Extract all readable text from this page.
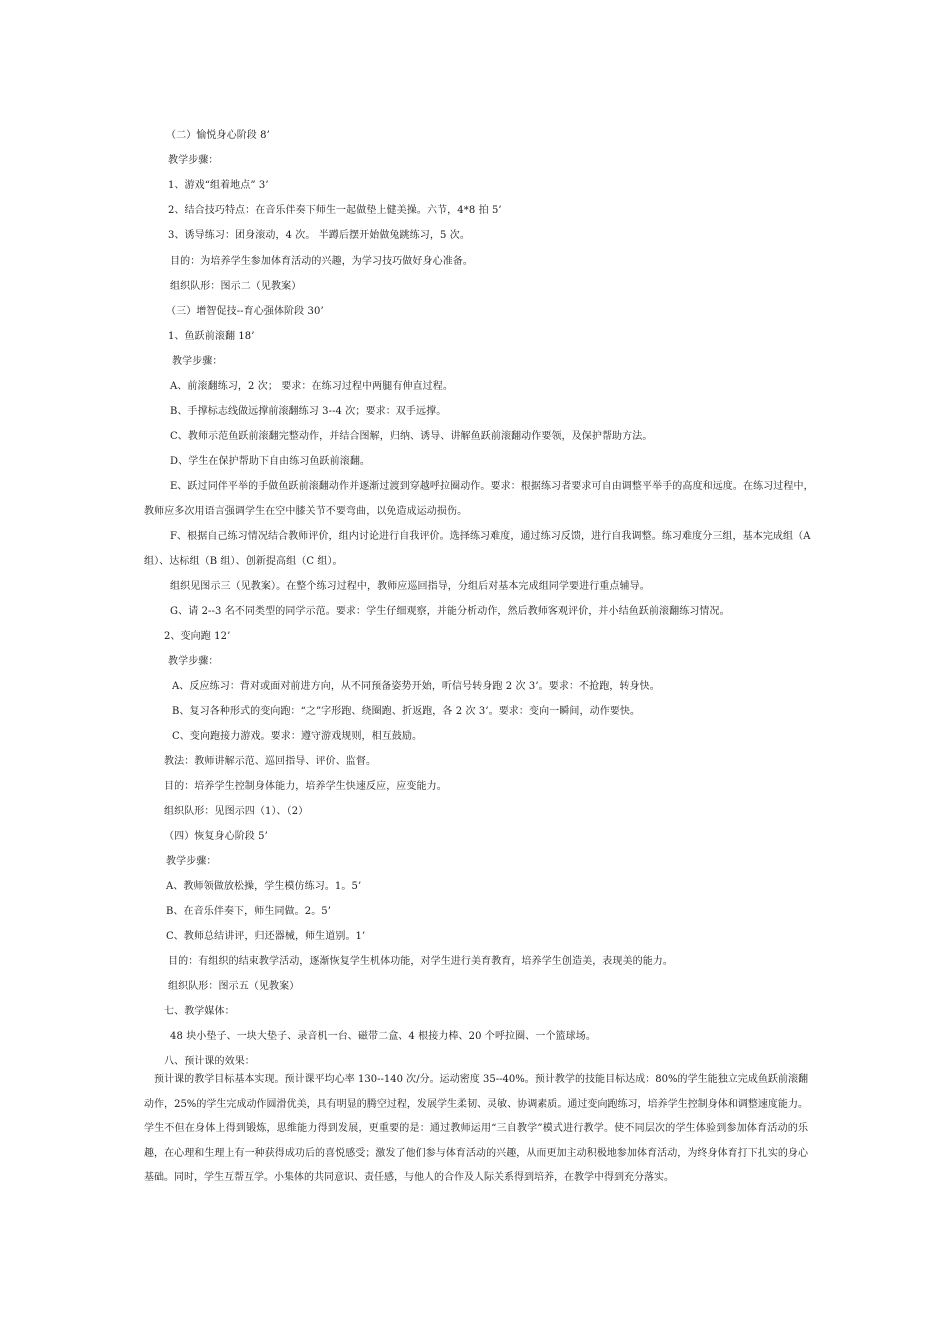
（二）愉悦身心阶段 8’
教学步骤：
1、游戏“组着地点” 3’
2、结合技巧特点：在音乐伴奏下师生一起做垫上健美操。六节，4*8 拍 5’
3、诱导练习：团身滚动，4 次。 半蹲后摆开始做兔跳练习，5 次。
目的：为培养学生参加体育活动的兴趣，为学习技巧做好身心准备。
组织队形：图示二（见教案）
（三）增智促技--育心强体阶段 30’
1、鱼跃前滚翻 18’
教学步骤：
A、前滚翻练习，2 次； 要求：在练习过程中两腿有伸直过程。
B、手撑标志线做远撑前滚翻练习 3--4 次；要求：双手远撑。
C、教师示范鱼跃前滚翻完整动作，并结合图解，归纳、诱导、讲解鱼跃前滚翻动作要领，及保护帮助方法。
D、学生在保护帮助下自由练习鱼跃前滚翻。
E、跃过同伴平举的手做鱼跃前滚翻动作并逐渐过渡到穿越呼拉圈动作。要求：根据练习者要求可自由调整平举手的高度和远度。在练习过程中，
教师应多次用语言强调学生在空中膝关节不要弯曲，以免造成运动损伤。
F、根据自己练习情况结合教师评价，组内讨论进行自我评价。选择练习难度，通过练习反馈，进行自我调整。练习难度分三组，基本完成组（A
组）、达标组（B 组）、创新提高组（C 组）。
组织见图示三（见教案）。在整个练习过程中，教师应巡回指导，分组后对基本完成组同学要进行重点辅导。
G、请 2--3 名不同类型的同学示范。要求：学生仔细观察，并能分析动作，然后教师客观评价，并小结鱼跃前滚翻练习情况。
2、变向跑 12’
教学步骤：
A、反应练习：背对或面对前进方向，从不同预备姿势开始，听信号转身跑 2 次 3’。要求：不抢跑，转身快。
B、复习各种形式的变向跑：“之”字形跑、绕圈跑、折返跑，各 2 次 3’。要求：变向一瞬间，动作要快。
C、变向跑接力游戏。要求：遵守游戏规则，相互鼓励。
教法：教师讲解示范、巡回指导、评价、监督。
目的：培养学生控制身体能力，培养学生快速反应，应变能力。
组织队形：见图示四（1）、（2）
（四）恢复身心阶段 5’
教学步骤：
A、教师领做放松操，学生模仿练习。1。5’
B、在音乐伴奏下，师生同做。2。5’
C、教师总结讲评，归还器械，师生道别。1’
目的：有组织的结束教学活动，逐渐恢复学生机体功能，对学生进行美育教育，培养学生创造美，表现美的能力。
组织队形：图示五（见教案）
七、教学媒体：
48 块小垫子、一块大垫子、录音机一台、磁带二盒、4 根接力棒、20 个呼拉圈、一个篮球场。
八、预计课的效果：
预计课的教学目标基本实现。预计课平均心率 130--140 次/分。运动密度 35--40%。预计教学的技能目标达成：80%的学生能独立完成鱼跃前滚翻动作，25%的学生完成动作圆滑优美，具有明显的腾空过程，发展学生柔韧、灵敏、协调素质。通过变向跑练习，培养学生控制身体和调整速度能力。学生不但在身体上得到锻炼，思维能力得到发展，更重要的是：通过教师运用“三自教学”模式进行教学。使不同层次的学生体验到参加体育活动的乐趣，在心理和生理上有一种获得成功后的喜悦感受；激发了他们参与体育活动的兴趣，从而更加主动积极地参加体育活动，为终身体育打下扎实的身心基础。同时，学生互帮互学。小集体的共同意识、责任感，与他人的合作及人际关系得到培养，在教学中得到充分落实。
